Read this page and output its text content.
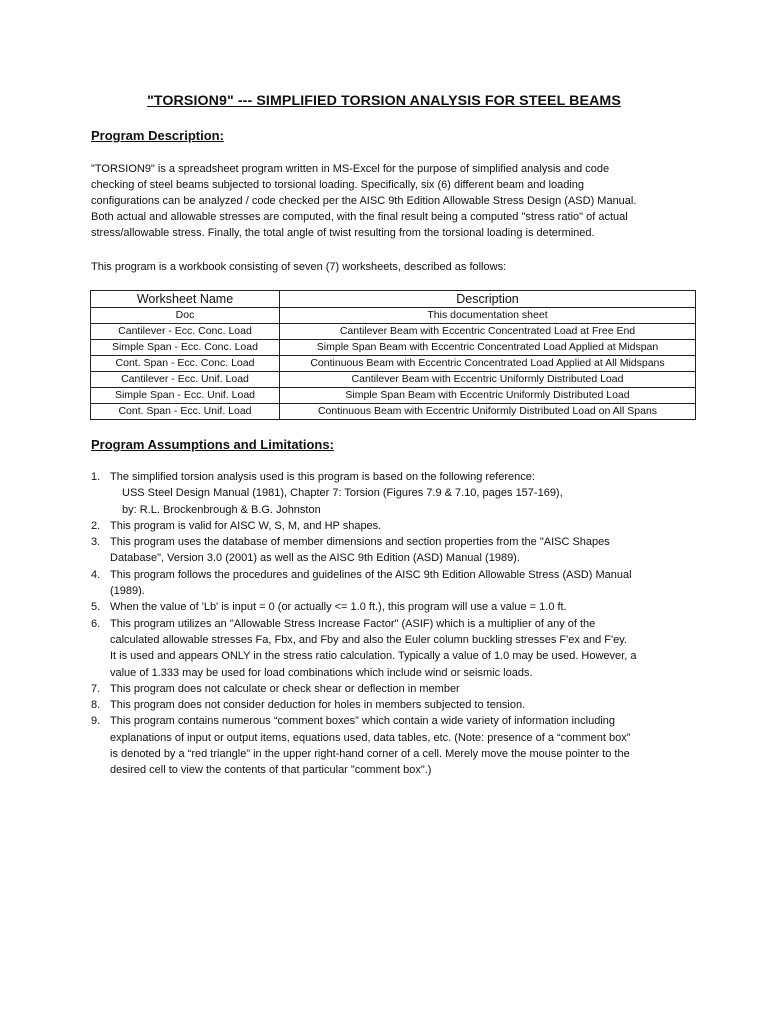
"TORSION9" --- SIMPLIFIED TORSION ANALYSIS FOR STEEL BEAMS
Program Description:
"TORSION9" is a spreadsheet program written in MS-Excel for the purpose of simplified analysis and code
checking of steel beams subjected to torsional loading. Specifically, six (6) different beam and loading
configurations can be analyzed / code checked per the AISC 9th Edition Allowable Stress Design (ASD) Manual.
Both actual and allowable stresses are computed, with the final result being a computed "stress ratio" of actual
stress/allowable stress. Finally, the total angle of twist resulting from the torsional loading is determined.
This program is a workbook consisting of seven (7) worksheets, described as follows:
Worksheet Name	Description
Doc	This documentation sheet
Cantilever - Ecc. Conc. Load	Cantilever Beam with Eccentric Concentrated Load at Free End
Simple Span - Ecc. Conc. Load	Simple Span Beam with Eccentric Concentrated Load Applied at Midspan
Cont. Span - Ecc. Conc. Load	Continuous Beam with Eccentric Concentrated Load Applied at All Midspans
Cantilever - Ecc. Unif. Load	Cantilever Beam with Eccentric Uniformly Distributed Load
Simple Span - Ecc. Unif. Load	Simple Span Beam with Eccentric Uniformly Distributed Load
Cont. Span - Ecc. Unif. Load	Continuous Beam with Eccentric Uniformly Distributed Load on All Spans
Program Assumptions and Limitations:
1. The simplified torsion analysis used is this program is based on the following reference:
USS Steel Design Manual (1981), Chapter 7: Torsion (Figures 7.9 & 7.10, pages 157-169),
by: R.L. Brockenbrough & B.G. Johnston
2. This program is valid for AISC W, S, M, and HP shapes.
3. This program uses the database of member dimensions and section properties from the "AISC Shapes
Database", Version 3.0 (2001) as well as the AISC 9th Edition (ASD) Manual (1989).
4. This program follows the procedures and guidelines of the AISC 9th Edition Allowable Stress (ASD) Manual
(1989).
5. When the value of 'Lb' is input = 0 (or actually <= 1.0 ft.), this program will use a value = 1.0 ft.
6. This program utilizes an "Allowable Stress Increase Factor" (ASIF) which is a multiplier of any of the
calculated allowable stresses Fa, Fbx, and Fby and also the Euler column buckling stresses F'ex and F'ey.
It is used and appears ONLY in the stress ratio calculation. Typically a value of 1.0 may be used. However, a
value of 1.333 may be used for load combinations which include wind or seismic loads.
7. This program does not calculate or check shear or deflection in member
8. This program does not consider deduction for holes in members subjected to tension.
9. This program contains numerous “comment boxes” which contain a wide variety of information including
explanations of input or output items, equations used, data tables, etc. (Note: presence of a “comment box”
is denoted by a “red triangle” in the upper right-hand corner of a cell. Merely move the mouse pointer to the
desired cell to view the contents of that particular "comment box".)
